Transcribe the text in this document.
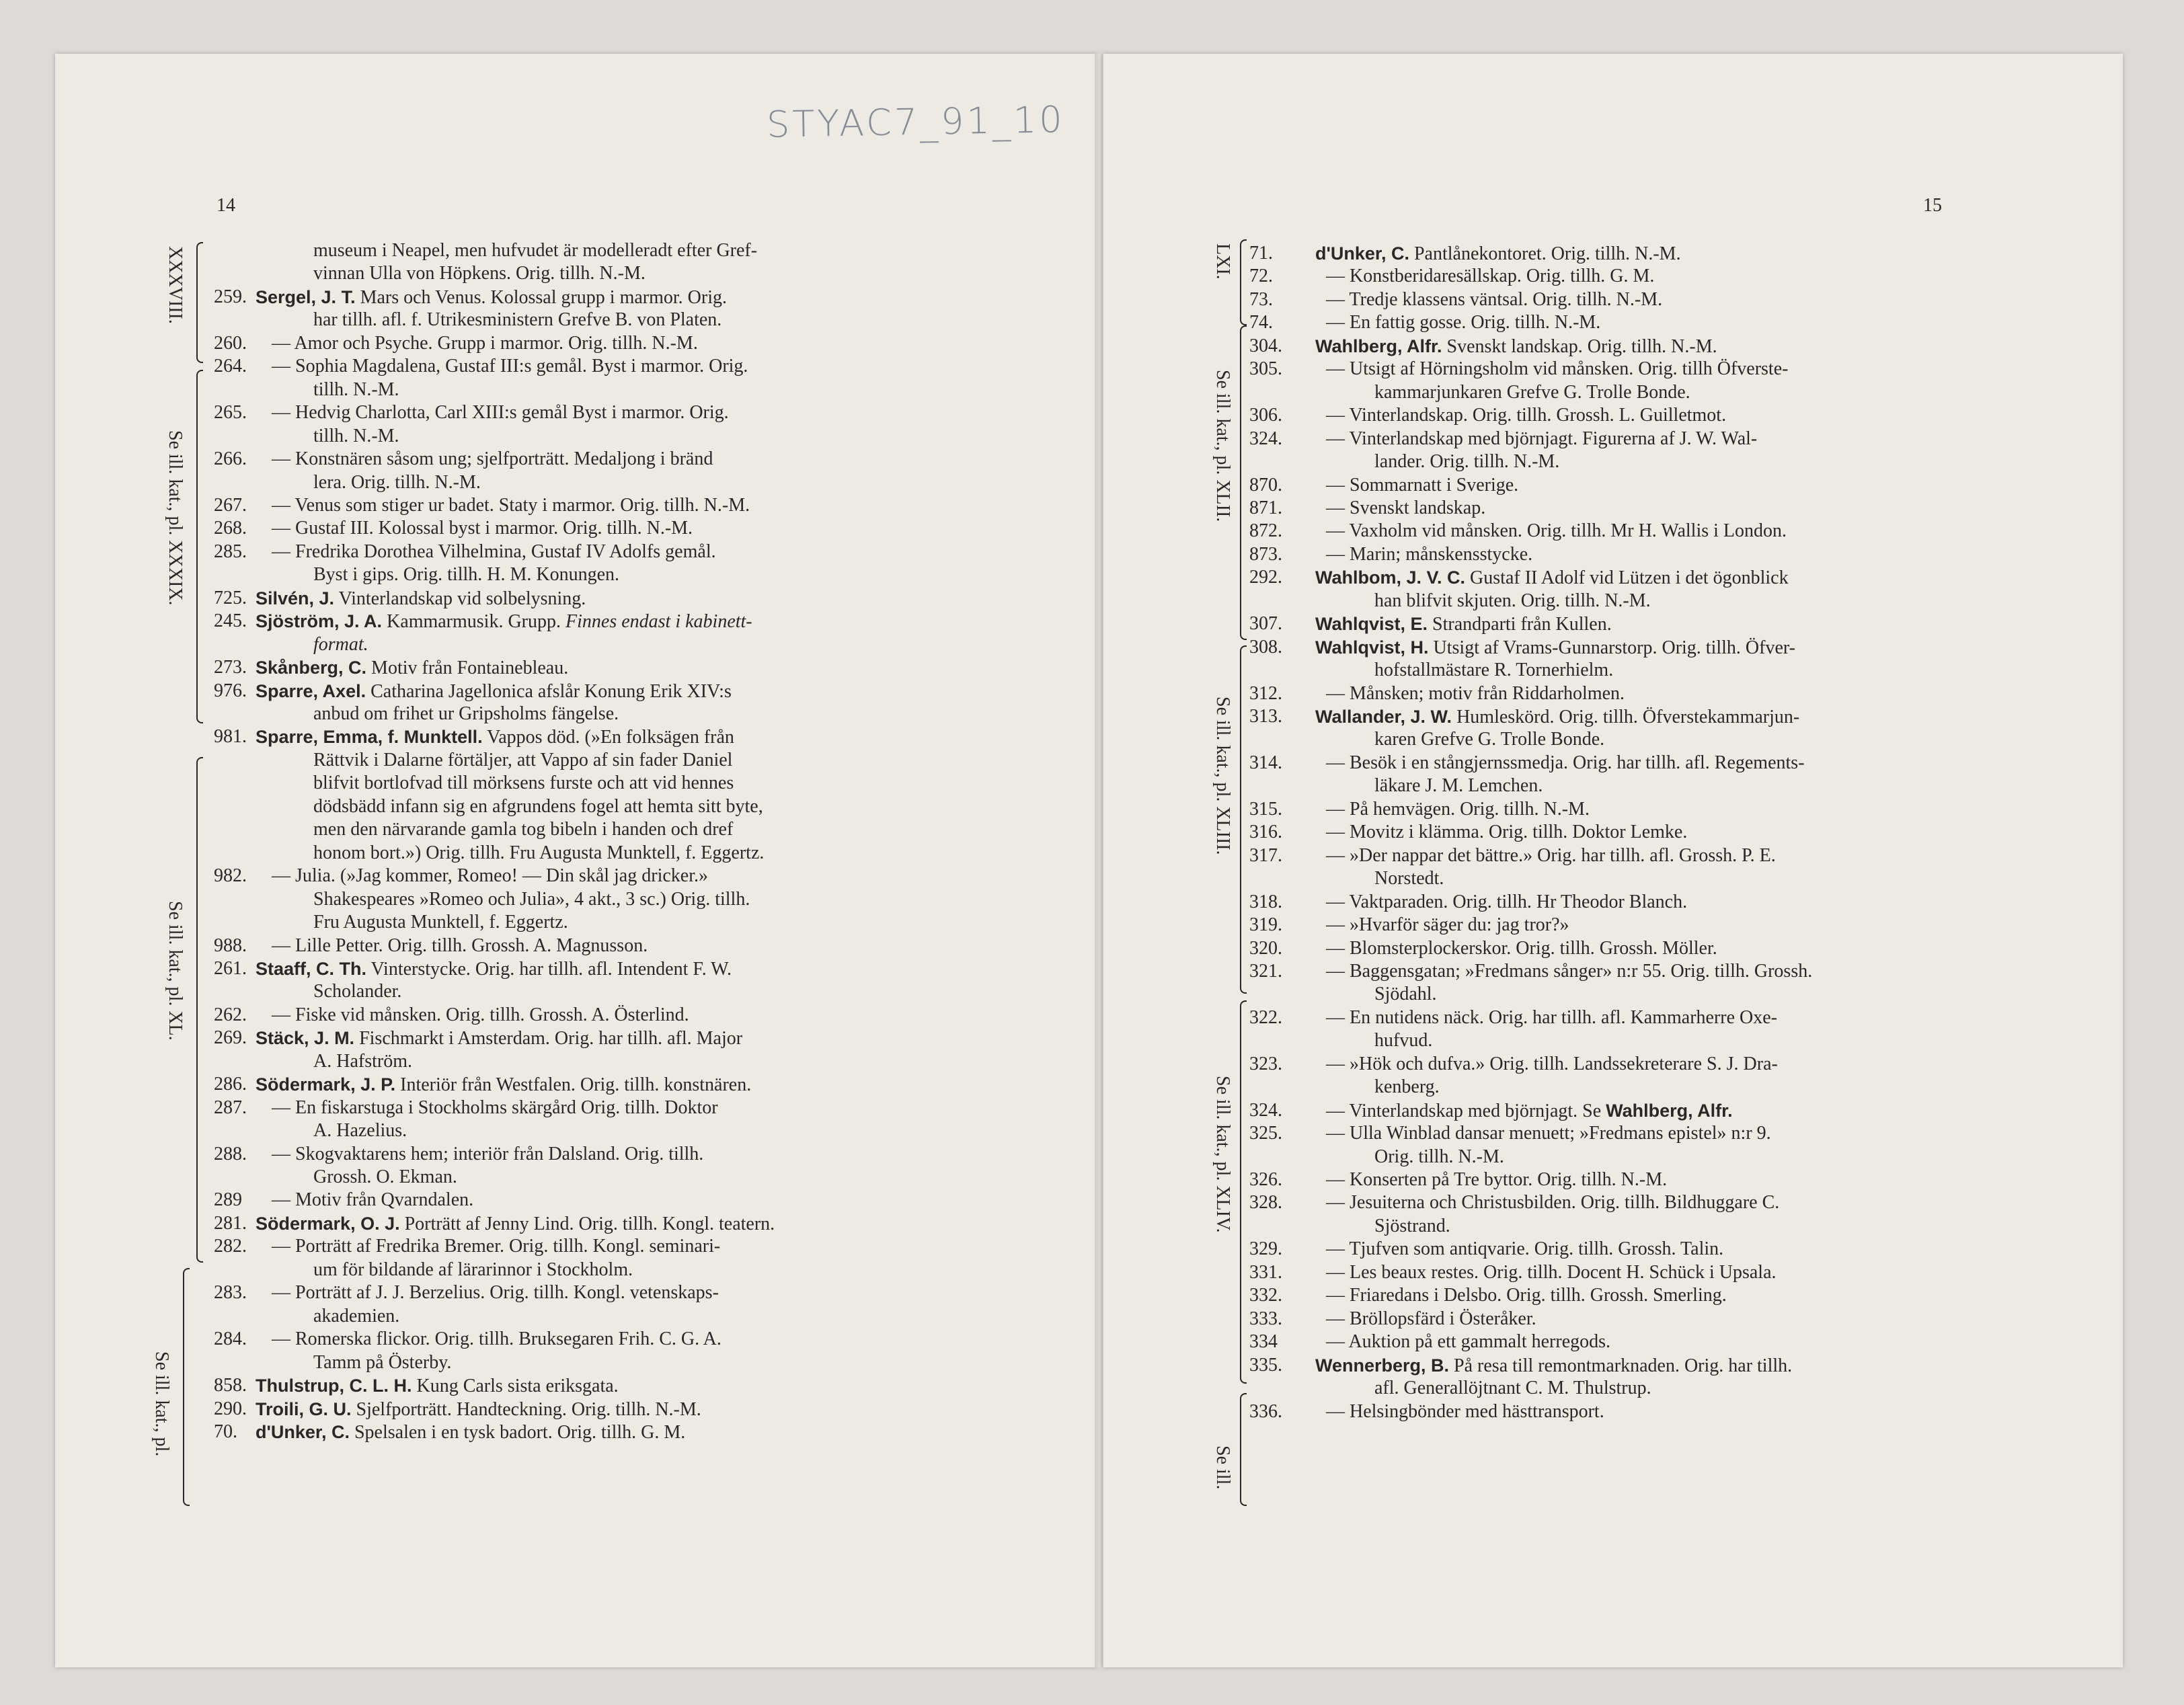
STYAC7_91_10
14	15
museum i Neapel, men hufvudet är modelleradt efter Gref-
vinnan Ulla von Höpkens. Orig. tillh. N.-M.
259. Sergel, J. T. Mars och Venus. Kolossal grupp i marmor. Orig.
har tillh. afl. f. Utrikesministern Grefve B. von Platen.
260. — Amor och Psyche. Grupp i marmor. Orig. tillh. N.-M.
264. — Sophia Magdalena, Gustaf III:s gemål. Byst i marmor. Orig.
tillh. N.-M.
265. — Hedvig Charlotta, Carl XIII:s gemål Byst i marmor. Orig.
tillh. N.-M.
266. — Konstnären såsom ung; sjelfporträtt. Medaljong i bränd
lera. Orig. tillh. N.-M.
267. — Venus som stiger ur badet. Staty i marmor. Orig. tillh. N.-M.
268. — Gustaf III. Kolossal byst i marmor. Orig. tillh. N.-M.
285. — Fredrika Dorothea Vilhelmina, Gustaf IV Adolfs gemål.
Byst i gips. Orig. tillh. H. M. Konungen.
725. Silvén, J. Vinterlandskap vid solbelysning.
245. Sjöström, J. A. Kammarmusik. Grupp. Finnes endast i kabinett-
format.
273. Skånberg, C. Motiv från Fontainebleau.
976. Sparre, Axel. Catharina Jagellonica afslår Konung Erik XIV:s
anbud om frihet ur Gripsholms fängelse.
981. Sparre, Emma, f. Munktell. Vappos död. (»En folksägen från
Rättvik i Dalarne förtäljer, att Vappo af sin fader Daniel
blifvit bortlofvad till mörksens furste och att vid hennes
dödsbädd infann sig en afgrundens fogel att hemta sitt byte,
men den närvarande gamla tog bibeln i handen och dref
honom bort.») Orig. tillh. Fru Augusta Munktell, f. Eggertz.
982. — Julia. (»Jag kommer, Romeo! — Din skål jag dricker.»
Shakespeares »Romeo och Julia», 4 akt., 3 sc.) Orig. tillh.
Fru Augusta Munktell, f. Eggertz.
988. — Lille Petter. Orig. tillh. Grossh. A. Magnusson.
261. Staaff, C. Th. Vinterstycke. Orig. har tillh. afl. Intendent F. W.
Scholander.
262. — Fiske vid månsken. Orig. tillh. Grossh. A. Österlind.
269. Stäck, J. M. Fischmarkt i Amsterdam. Orig. har tillh. afl. Major
A. Hafström.
286. Södermark, J. P. Interiör från Westfalen. Orig. tillh. konstnären.
287. — En fiskarstuga i Stockholms skärgård Orig. tillh. Doktor
A. Hazelius.
288. — Skogvaktarens hem; interiör från Dalsland. Orig. tillh.
Grossh. O. Ekman.
289 — Motiv från Qvarndalen.
281. Södermark, O. J. Porträtt af Jenny Lind. Orig. tillh. Kongl. teatern.
282. — Porträtt af Fredrika Bremer. Orig. tillh. Kongl. seminari-
um för bildande af lärarinnor i Stockholm.
283. — Porträtt af J. J. Berzelius. Orig. tillh. Kongl. vetenskaps-
akademien.
284. — Romerska flickor. Orig. tillh. Bruksegaren Frih. C. G. A.
Tamm på Österby.
858. Thulstrup, C. L. H. Kung Carls sista eriksgata.
290. Troili, G. U. Sjelfporträtt. Handteckning. Orig. tillh. N.-M.
70. d'Unker, C. Spelsalen i en tysk badort. Orig. tillh. G. M.
71. d'Unker, C. Pantlånekontoret. Orig. tillh. N.-M.
72.	— Konstberidaresällskap. Orig. tillh. G. M.
73.	— Tredje klassens väntsal. Orig. tillh. N.-M.
74.	— En fattig gosse. Orig. tillh. N.-M.
304. Wahlberg, Alfr. Svenskt landskap. Orig. tillh. N.-M.
305. — Utsigt af Hörningsholm vid månsken. Orig. tillh Öfverste-
kammarjunkaren Grefve G. Trolle Bonde.
306. — Vinterlandskap. Orig. tillh. Grossh. L. Guilletmot.
324. — Vinterlandskap med björnjagt. Figurerna af J. W. Wal-
lander. Orig. tillh. N.-M.
870. — Sommarnatt i Sverige.
871. — Svenskt landskap.
872. — Vaxholm vid månsken. Orig. tillh. Mr H. Wallis i London.
873. — Marin; månskensstycke.
292. Wahlbom, J. V. C. Gustaf II Adolf vid Lützen i det ögonblick
han blifvit skjuten. Orig. tillh. N.-M.
307. Wahlqvist, E. Strandparti från Kullen.
308. Wahlqvist, H. Utsigt af Vrams-Gunnarstorp. Orig. tillh. Öfver-
hofstallmästare R. Tornerhielm.
312. — Månsken; motiv från Riddarholmen.
313. Wallander, J. W. Humleskörd. Orig. tillh. Öfverstekammarjun-
karen Grefve G. Trolle Bonde.
314. — Besök i en stångjernssmedja. Orig. har tillh. afl. Regements-
läkare J. M. Lemchen.
315. — På hemvägen. Orig. tillh. N.-M.
316. — Movitz i klämma. Orig. tillh. Doktor Lemke.
317. — »Der nappar det bättre.» Orig. har tillh. afl. Grossh. P. E.
Norstedt.
318. — Vaktparaden. Orig. tillh. Hr Theodor Blanch.
319. — »Hvarför säger du: jag tror?»
320. — Blomsterplockerskor. Orig. tillh. Grossh. Möller.
321. — Baggensgatan; »Fredmans sånger» n:r 55. Orig. tillh. Grossh.
Sjödahl.
322. — En nutidens näck. Orig. har tillh. afl. Kammarherre Oxe-
hufvud.
323. — »Hök och dufva.» Orig. tillh. Landssekreterare S. J. Dra-
kenberg.
324. — Vinterlandskap med björnjagt. Se Wahlberg, Alfr.
325. — Ulla Winblad dansar menuett; »Fredmans epistel» n:r 9.
Orig. tillh. N.-M.
326. — Konserten på Tre byttor. Orig. tillh. N.-M.
328. — Jesuiterna och Christusbilden. Orig. tillh. Bildhuggare C.
Sjöstrand.
329. — Tjufven som antiqvarie. Orig. tillh. Grossh. Talin.
331. — Les beaux restes. Orig. tillh. Docent H. Schück i Upsala.
332. — Friaredans i Delsbo. Orig. tillh. Grossh. Smerling.
333. — Bröllopsfärd i Österåker.
334	— Auktion på ett gammalt herregods.
335. Wennerberg, B. På resa till remontmarknaden. Orig. har tillh.
afl. Generallöjtnant C. M. Thulstrup.
336. — Helsingbönder med hästtransport.
XXXVIII.
Se ill. kat., pl. XXXIX.
Se ill. kat., pl. XL.
Se ill. kat., pl.
LXI.
Se ill. kat., pl. XLII.
Se ill. kat., pl. XLIII.
Se ill. kat., pl. XLIV.
Se ill.
